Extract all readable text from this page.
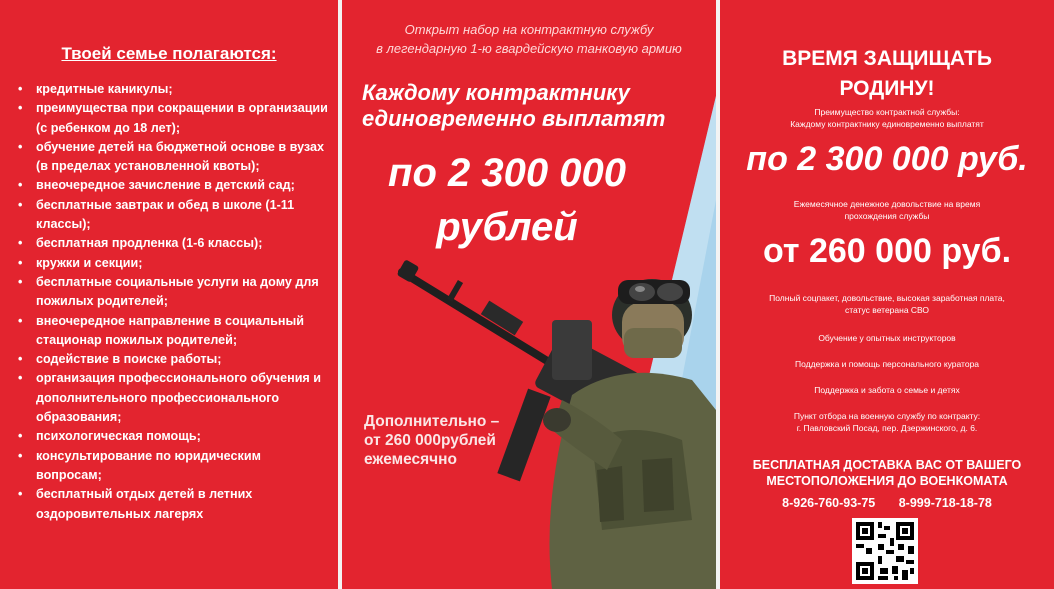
Твоей семье полагаются:
• кредитные каникулы;
• преимущества при сокращении в организации (с ребенком до 18 лет);
• обучение детей на бюджетной основе в вузах (в пределах установленной квоты);
• внеочередное зачисление в детский сад;
• бесплатные завтрак и обед в школе (1-11 классы);
• бесплатная продленка (1-6 классы);
• кружки и секции;
• бесплатные социальные услуги на дому для пожилых родителей;
• внеочередное направление в социальный стационар пожилых родителей;
• содействие в поиске работы;
• организация профессионального обучения и дополнительного профессионального образования;
• психологическая помощь;
• консультирование по юридическим вопросам;
• бесплатный отдых детей в летних оздоровительных лагерях
Открыт набор на контрактную службу
в легендарную 1-ю гвардейскую танковую армию
Каждому контрактнику
единовременно выплатят
по 2 300 000
рублей
Дополнительно –
от 260 000рублей
ежемесячно
ВРЕМЯ ЗАЩИЩАТЬ
РОДИНУ!
Преимущество контрактной службы:
Каждому контрактнику единовременно выплатят
по 2 300 000 руб.
Ежемесячное денежное довольствие на время
прохождения службы
от 260 000 руб.
Полный соцпакет, довольствие, высокая заработная плата,
статус ветерана СВО
Обучение у опытных инструкторов
Поддержка и помощь персонального куратора
Поддержка и забота о семье и детях
Пункт отбора на военную службу по контракту:
г. Павловский Посад, пер. Дзержинского, д. 6.
БЕСПЛАТНАЯ ДОСТАВКА ВАС ОТ ВАШЕГО
МЕСТОПОЛОЖЕНИЯ ДО ВОЕНКОМАТА
8-926-760-93-75 8-999-718-18-78
